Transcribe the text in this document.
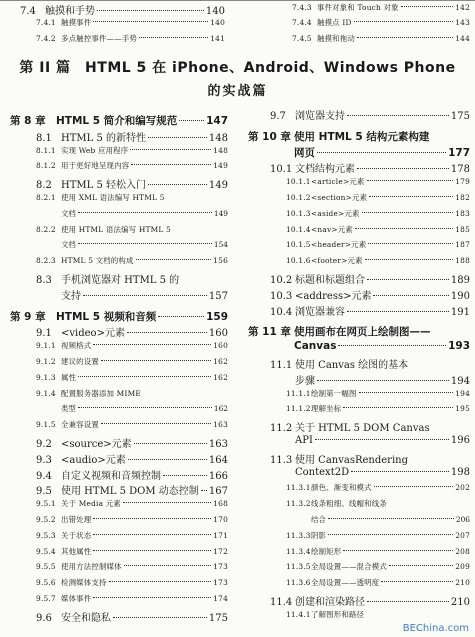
7.4 触摸和手势	140
7.4.1 触摸事件	140
7.4.2 多点触控事件——手势	141
7.4.3 事件对象和 Touch 对象	142
7.4.4 触摸点 ID	143
7.4.5 触摸和拖动	144
第 II 篇　HTML 5 在 iPhone、Android、Windows Phone
的实战篇
第 8 章 HTML 5 简介和编写规范	147
8.1 HTML 5 的新特性	148
8.1.1 实现 Web 应用程序	148
8.1.2 用于更好地呈现内容	149
8.2 HTML 5 轻松入门	149
8.2.1 使用 XML 语法编写 HTML 5
文档	149
8.2.2 使用 HTML 语法编写 HTML 5
文档	154
8.2.3 HTML 5 文档的构成	156
8.3 手机浏览器对 HTML 5 的
支持	157
第 9 章 HTML 5 视频和音频	159
9.1 <video>元素	160
9.1.1 视频格式	160
9.1.2 建议的设置	162
9.1.3 属性	162
9.1.4 配置服务器添加 MIME
类型	162
9.1.5 全兼容设置	163
9.2 <source>元素	163
9.3 <audio>元素	164
9.4 自定义视频和音频控制	166
9.5 使用 HTML 5 DOM 动态控制 167
9.5.1 关于 Media 元素	168
9.5.2 出错处理	170
9.5.3 关于状态	171
9.5.4 其他属性	172
9.5.5 使用方法控制媒体	173
9.5.6 检测媒体支持	173
9.5.7 媒体事件	174
9.6 安全和隐私	175
9.7 浏览器支持	175
第 10 章 使用 HTML 5 结构元素构建
网页	177
10.1 文档结构元素	178
10.1.1 <article>元素	179
10.1.2 <section>元素	182
10.1.3 <aside>元素	183
10.1.4 <nav>元素	185
10.1.5 <header>元素	187
10.1.6 <footer>元素	188
10.2 标题和标题组合	189
10.3 <address>元素	190
10.4 浏览器兼容	191
第 11 章 使用画布在网页上绘制图——
Canvas	193
11.1 使用 Canvas 绘图的基本
步骤	194
11.1.1 绘制第一幅图	194
11.1.2 理解坐标	195
11.2 关于 HTML 5 DOM Canvas
API	196
11.3 使用 CanvasRendering
Context2D	198
11.3.1 颜色、渐变和模式	202
11.3.2 线条粗细、线帽和线条
结合	206
11.3.3 阴影	207
11.3.4 绘制矩形	208
11.3.5 全局设置——混合模式	209
11.3.6 全局设置——透明度	210
11.4 创建和渲染路径	210
11.4.1 了解图形和路径
BEChina.com
